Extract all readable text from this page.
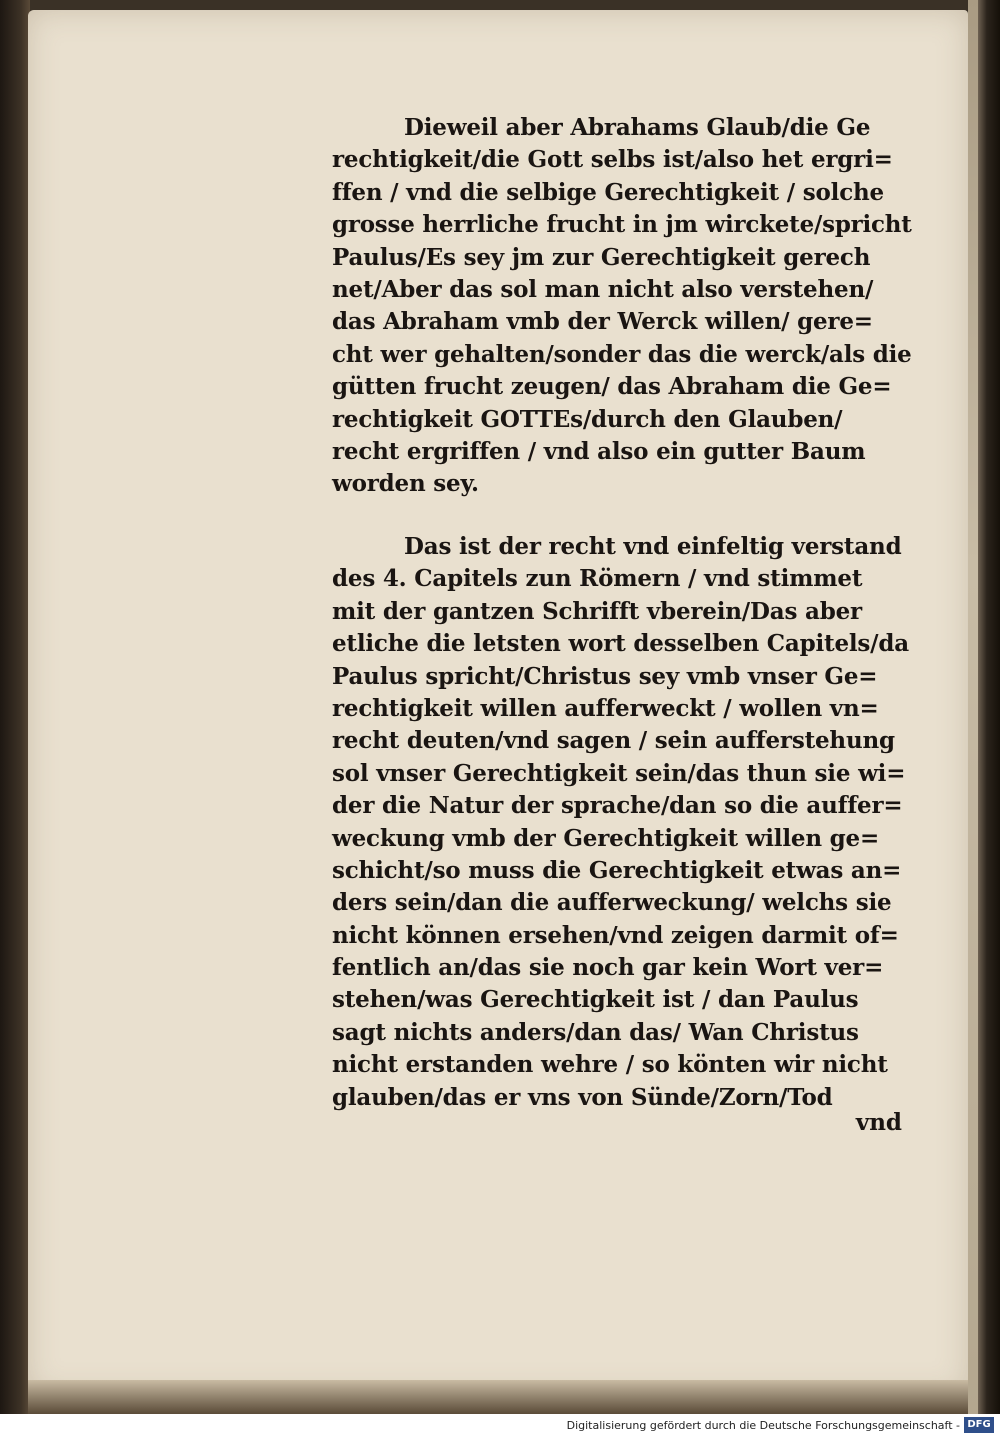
Dieweil aber Abrahams Glaub/die Ge
rechtigkeit/die Gott selbs ist/also het ergri=
ffen / vnd die selbige Gerechtigkeit / solche
grosse herrliche frucht in jm wirckete/spricht
Paulus/Es sey jm zur Gerechtigkeit gerech
net/Aber das sol man nicht also verstehen/
das Abraham vmb der Werck willen/ gere=
cht wer gehalten/sonder das die werck/als die
gütten frucht zeugen/ das Abraham die Ge=
rechtigkeit GOTTEs/durch den Glauben/
recht ergriffen / vnd also ein gutter Baum
worden sey.
Das ist der recht vnd einfeltig verstand
des 4. Capitels zun Römern / vnd stimmet
mit der gantzen Schrifft vberein/Das aber
etliche die letsten wort desselben Capitels/da
Paulus spricht/Christus sey vmb vnser Ge=
rechtigkeit willen aufferweckt / wollen vn=
recht deuten/vnd sagen / sein aufferstehung
sol vnser Gerechtigkeit sein/das thun sie wi=
der die Natur der sprache/dan so die auffer=
weckung vmb der Gerechtigkeit willen ge=
schicht/so muss die Gerechtigkeit etwas an=
ders sein/dan die aufferweckung/ welchs sie
nicht können ersehen/vnd zeigen darmit of=
fentlich an/das sie noch gar kein Wort ver=
stehen/was Gerechtigkeit ist / dan Paulus
sagt nichts anders/dan das/ Wan Christus
nicht erstanden wehre / so könten wir nicht
glauben/das er vns von Sünde/Zorn/Tod
vnd
Digitalisierung gefördert durch die Deutsche Forschungsgemeinschaft - DFG
